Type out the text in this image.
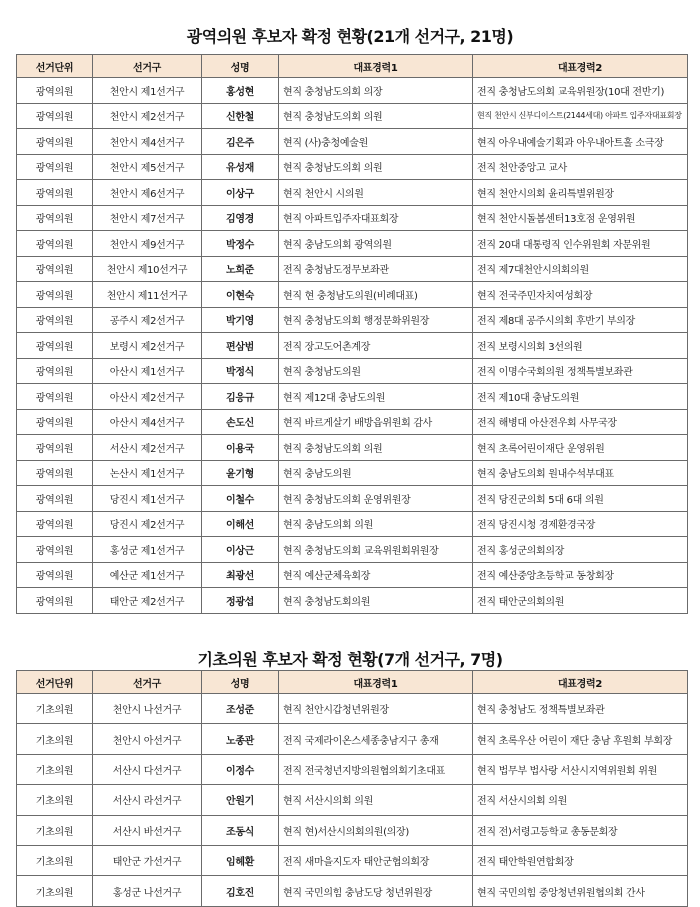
광역의원 후보자 확정 현황(21개 선거구, 21명)
선거단위	선거구	성명	대표경력1	대표경력2
광역의원	천안시 제1선거구	홍성현	현직 충청남도의회 의장	전직 충청남도의회 교육위원장(10대 전반기)
광역의원	천안시 제2선거구	신한철	현직 충청남도의회 의원	현직 천안시 신부디이스트(2144세대) 아파트 입주자대표회장
광역의원	천안시 제4선거구	김은주	현직 (사)충청예술원	현직 아우내예술기획과 아우내아트홀 소극장
광역의원	천안시 제5선거구	유성재	현직 충청남도의회 의원	전직 천안중앙고 교사
광역의원	천안시 제6선거구	이상구	현직 천안시 시의원	현직 천안시의회 윤리특별위원장
광역의원	천안시 제7선거구	김영경	현직 아파트입주자대표회장	현직 천안시돌봄센터13호점 운영위원
광역의원	천안시 제9선거구	박정수	현직 충남도의회 광역의원	전직 20대 대통령직 인수위원회 자문위원
광역의원	천안시 제10선거구	노희준	전직 충청남도정무보좌관	전직 제7대천안시의회의원
광역의원	천안시 제11선거구	이현숙	현직 현 충청남도의원(비례대표)	현직 전국주민자치여성회장
광역의원	공주시 제2선거구	박기영	현직 충청남도의회 행정문화위원장	전직 제8대 공주시의회 후반기 부의장
광역의원	보령시 제2선거구	편삼범	전직 장고도어촌계장	전직 보령시의회 3선의원
광역의원	아산시 제1선거구	박정식	현직 충청남도의원	전직 이명수국회의원 정책특별보좌관
광역의원	아산시 제2선거구	김응규	현직 제12대 충남도의원	전직 제10대 충남도의원
광역의원	아산시 제4선거구	손도신	현직 바르게살기 배방읍위원회 감사	전직 해병대 아산전우회 사무국장
광역의원	서산시 제2선거구	이용국	현직 충청남도의회 의원	현직 초록어린이재단 운영위원
광역의원	논산시 제1선거구	윤기형	현직 충남도의원	현직 충남도의회 원내수석부대표
광역의원	당진시 제1선거구	이철수	현직 충청남도의회 운영위원장	전직 당진군의회 5대 6대 의원
광역의원	당진시 제2선거구	이해선	현직 충남도의회 의원	전직 당진시청 경제환경국장
광역의원	홍성군 제1선거구	이상근	현직 충청남도의회 교육위원회위원장	전직 홍성군의회의장
광역의원	예산군 제1선거구	최광선	현직 예산군체육회장	전직 예산중앙초등학교 동창회장
광역의원	태안군 제2선거구	정광섭	현직 충청남도회의원	전직 태안군의회의원
기초의원 후보자 확정 현황(7개 선거구, 7명)
선거단위	선거구	성명	대표경력1	대표경력2
기초의원	천안시 나선거구	조성준	현직 천안시갑청년위원장	현직 충청남도 정책특별보좌관
기초의원	천안시 아선거구	노종관	전직 국제라이온스세종충남지구 총재	현직 초록우산 어린이 재단 충남 후원회 부회장
기초의원	서산시 다선거구	이정수	전직 전국청년지방의원협의회기초대표	현직 법무부 법사랑 서산시지역위원회 위원
기초의원	서산시 라선거구	안원기	현직 서산시의회 의원	전직 서산시의회 의원
기초의원	서산시 바선거구	조동식	현직 현)서산시의회의원(의장)	전직 전)서령고등학교 총동문회장
기초의원	태안군 가선거구	임헤환	전직 새마을지도자 태안군협의회장	전직 태안학원연합회장
기초의원	홍성군 나선거구	김호진	현직 국민의힘 충남도당 청년위원장	현직 국민의힘 중앙청년위원협의회 간사
